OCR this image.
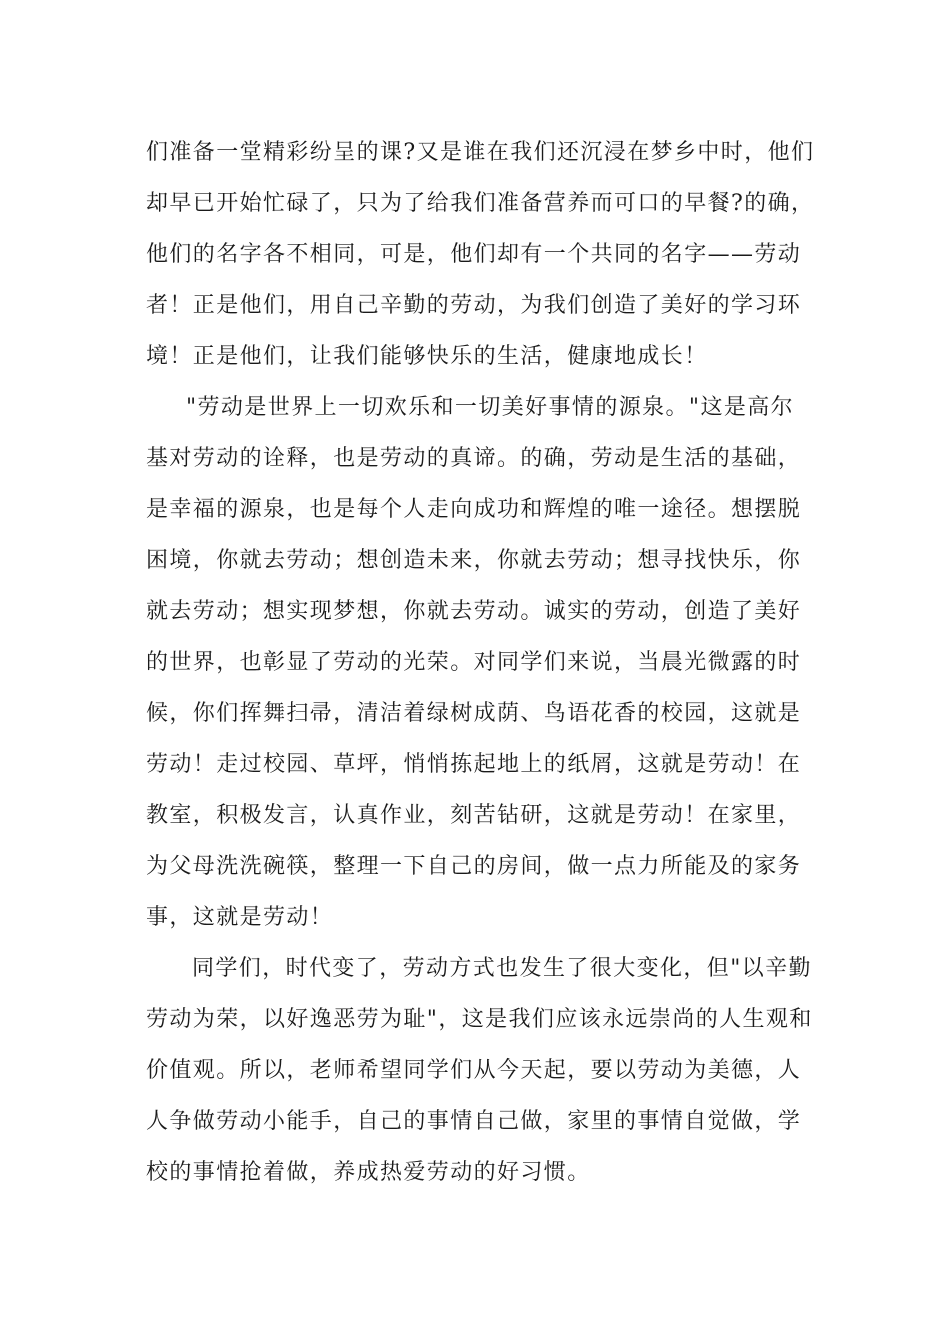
们准备一堂精彩纷呈的课?又是谁在我们还沉浸在梦乡中时，他们
却早已开始忙碌了，只为了给我们准备营养而可口的早餐?的确，
他们的名字各不相同，可是，他们却有一个共同的名字——劳动
者！正是他们，用自己辛勤的劳动，为我们创造了美好的学习环
境！正是他们，让我们能够快乐的生活，健康地成长！
"劳动是世界上一切欢乐和一切美好事情的源泉。"这是高尔
基对劳动的诠释，也是劳动的真谛。的确，劳动是生活的基础，
是幸福的源泉，也是每个人走向成功和辉煌的唯一途径。想摆脱
困境，你就去劳动；想创造未来，你就去劳动；想寻找快乐，你
就去劳动；想实现梦想，你就去劳动。诚实的劳动，创造了美好
的世界，也彰显了劳动的光荣。对同学们来说，当晨光微露的时
候，你们挥舞扫帚，清洁着绿树成荫、鸟语花香的校园，这就是
劳动！走过校园、草坪，悄悄拣起地上的纸屑，这就是劳动！在
教室，积极发言，认真作业，刻苦钻研，这就是劳动！在家里，
为父母洗洗碗筷，整理一下自己的房间，做一点力所能及的家务
事，这就是劳动！
同学们，时代变了，劳动方式也发生了很大变化，但"以辛勤
劳动为荣，以好逸恶劳为耻"，这是我们应该永远崇尚的人生观和
价值观。所以，老师希望同学们从今天起，要以劳动为美德，人
人争做劳动小能手，自己的事情自己做，家里的事情自觉做，学
校的事情抢着做，养成热爱劳动的好习惯。
